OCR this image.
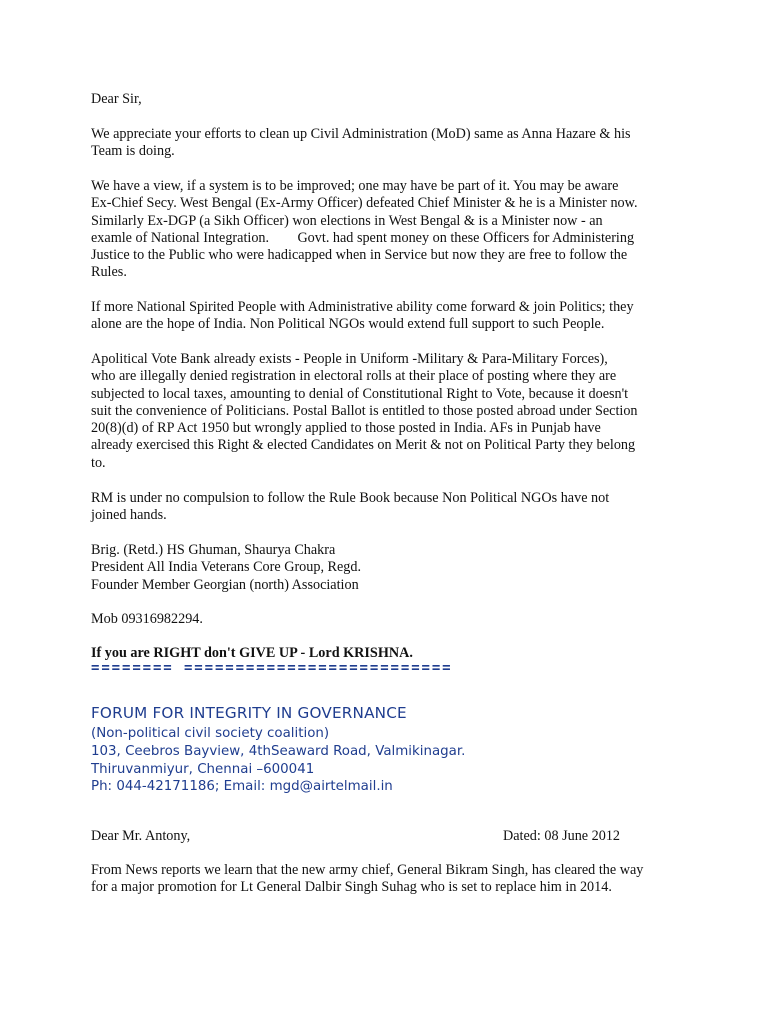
Dear Sir,
We appreciate your efforts to clean up Civil Administration (MoD) same as Anna Hazare & his
Team is doing.
We have a view, if a system is to be improved; one may have be part of it. You may be aware
Ex-Chief Secy. West Bengal (Ex-Army Officer) defeated Chief Minister & he is a Minister now.
Similarly Ex-DGP (a Sikh Officer) won elections in West Bengal & is a Minister now - an
examle of National Integration.        Govt. had spent money on these Officers for Administering
Justice to the Public who were hadicapped when in Service but now they are free to follow the
Rules.
If more National Spirited People with Administrative ability come forward & join Politics; they
alone are the hope of India. Non Political NGOs would extend full support to such People.
Apolitical Vote Bank already exists - People in Uniform -Military & Para-Military Forces),
who are illegally denied registration in electoral rolls at their place of posting where they are
subjected to local taxes, amounting to denial of Constitutional Right to Vote, because it doesn't
suit the convenience of Politicians. Postal Ballot is entitled to those posted abroad under Section
20(8)(d) of RP Act 1950 but wrongly applied to those posted in India. AFs in Punjab have
already exercised this Right & elected Candidates on Merit & not on Political Party they belong
to.
RM is under no compulsion to follow the Rule Book because Non Political NGOs have not
joined hands.
Brig. (Retd.) HS Ghuman, Shaurya Chakra
President All India Veterans Core Group, Regd.
Founder Member Georgian (north) Association
Mob 09316982294.
If you are RIGHT don't GIVE UP - Lord KRISHNA.
======== ==========================
FORUM FOR INTEGRITY IN GOVERNANCE
(Non-political civil society coalition)
103, Ceebros Bayview, 4thSeaward Road, Valmikinagar.
Thiruvanmiyur, Chennai –600041
Ph: 044-42171186; Email: mgd@airtelmail.in
Dear Mr. Antony,	Dated: 08 June 2012
From News reports we learn that the new army chief, General Bikram Singh, has cleared the way
for a major promotion for Lt General Dalbir Singh Suhag who is set to replace him in 2014.
